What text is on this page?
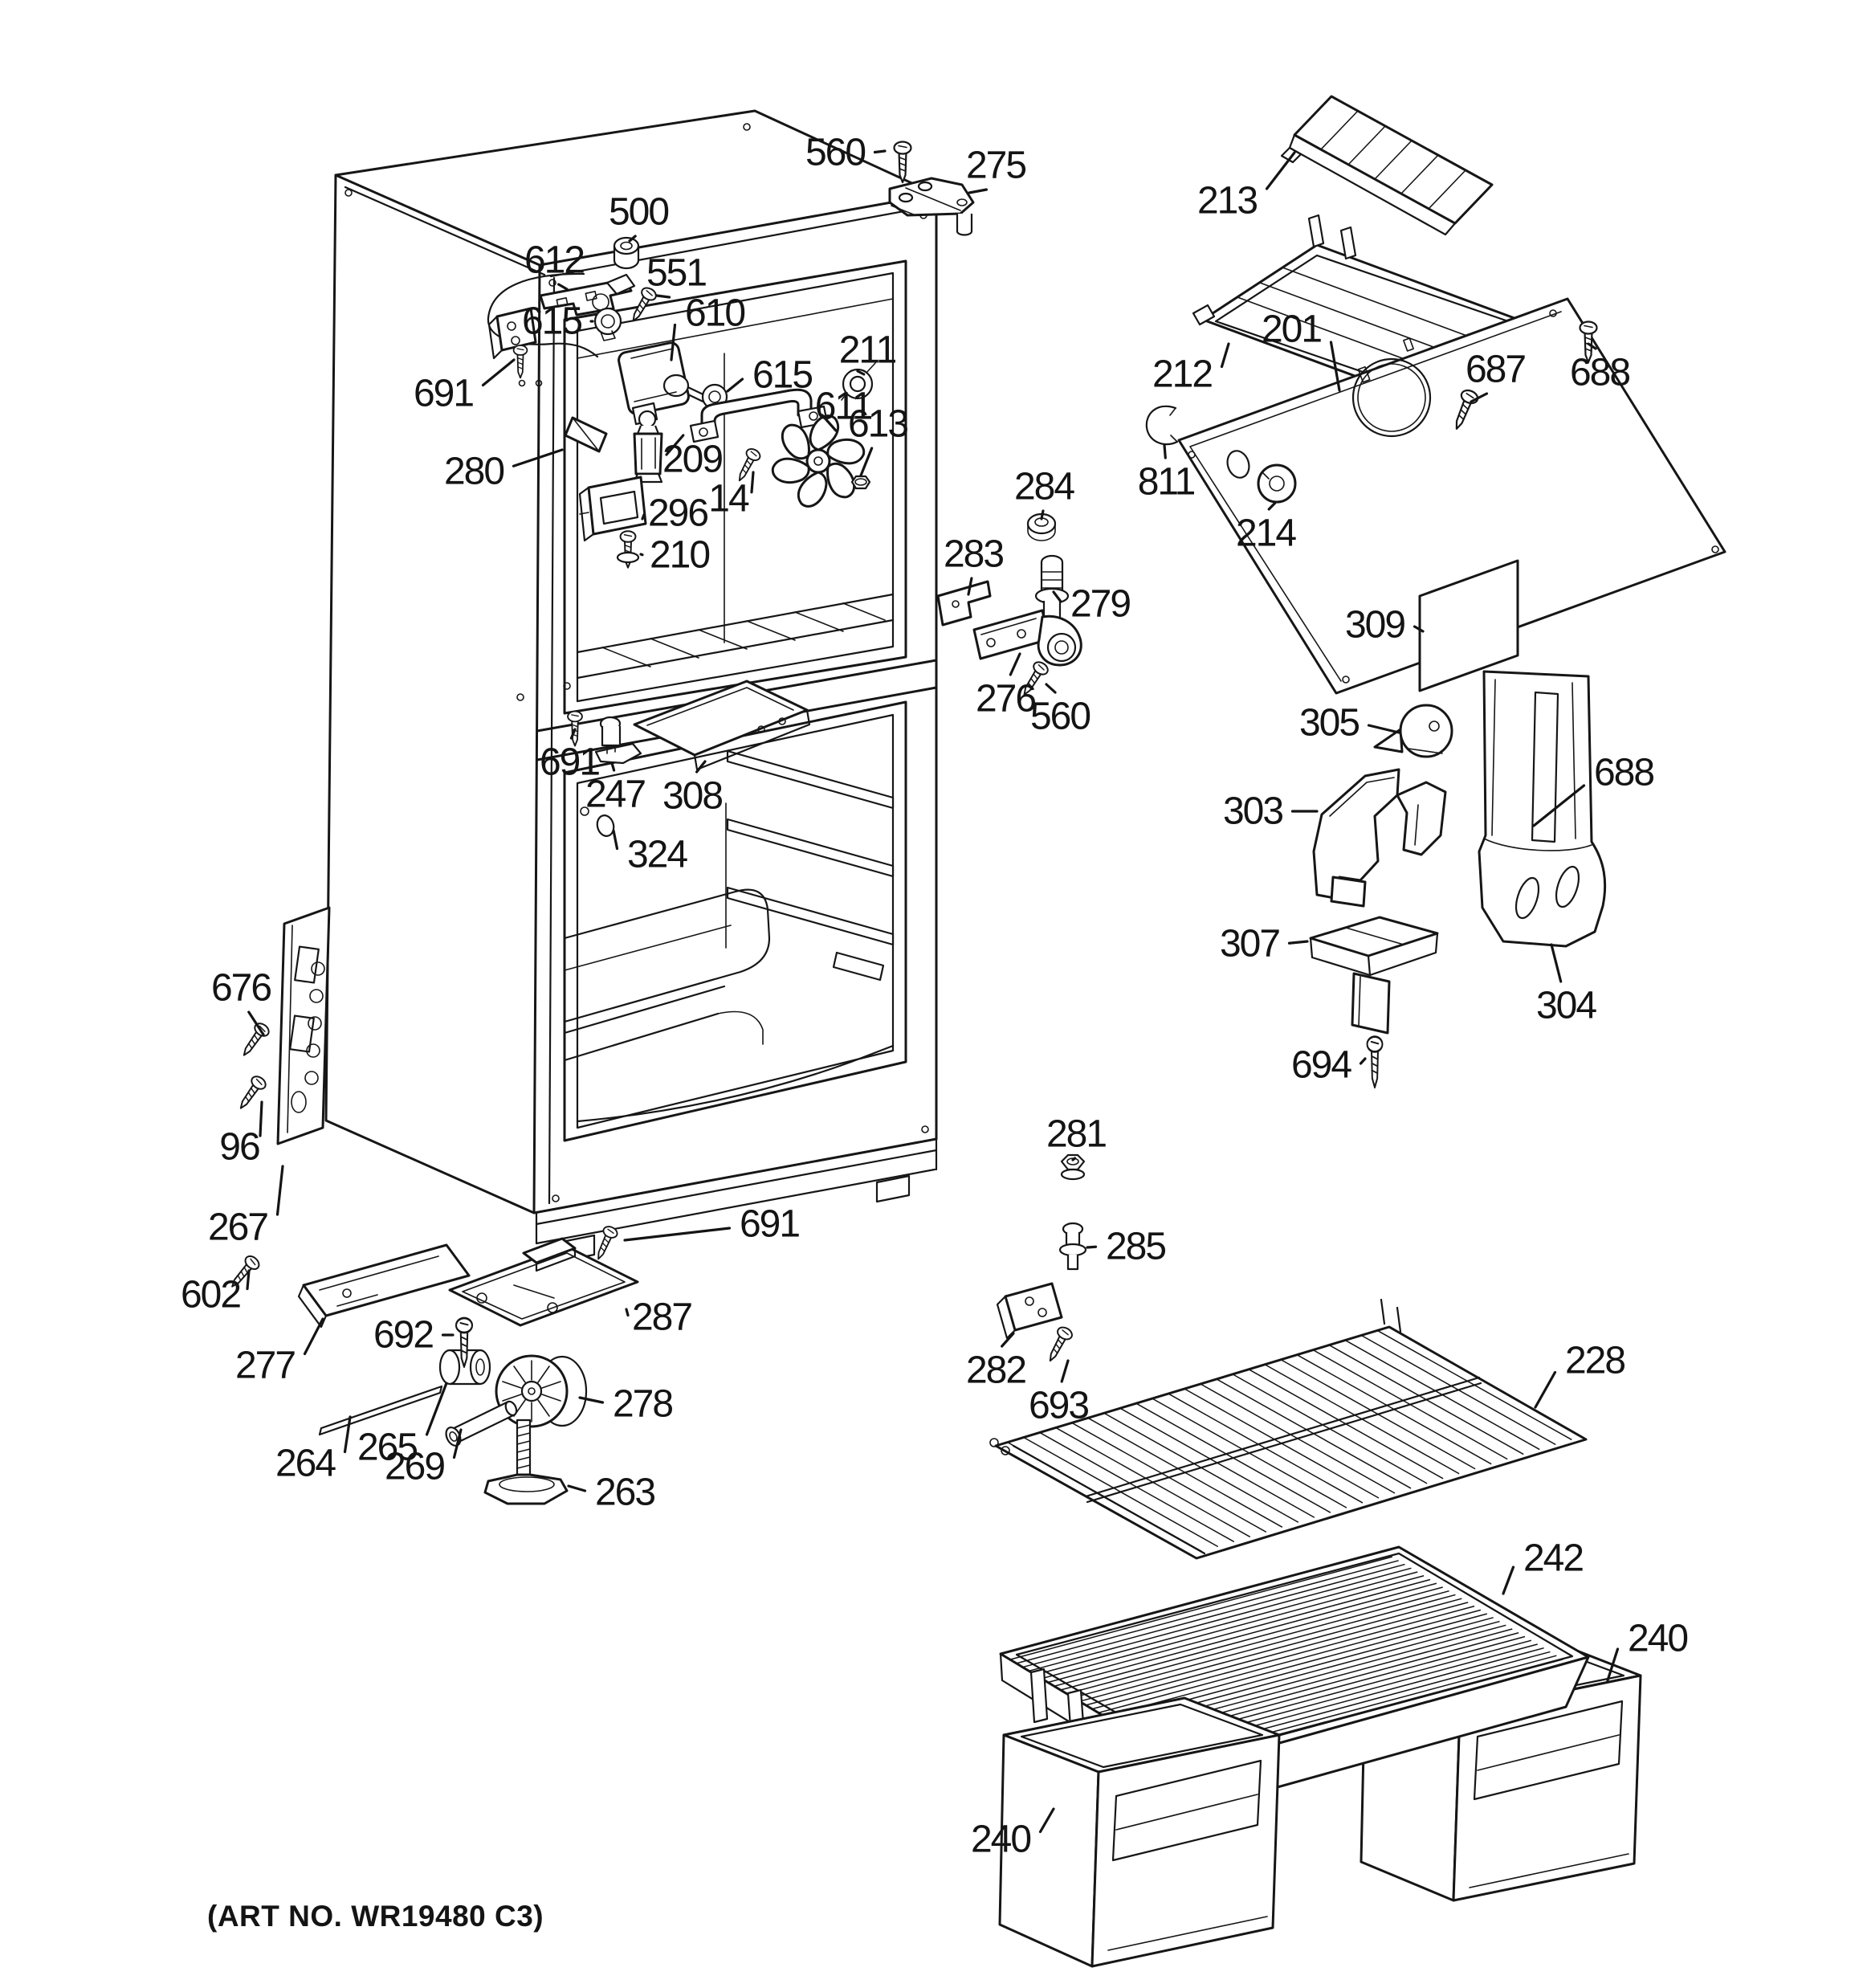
560	275
500
612 551
610
615
691
211
615
611
613
280	209
14
296
210
213
212
201
811
687 688
214
309
284
283
279
276
560	305
688
303
307
694
304
676
96
267
602
277
264 265
691
247 308
324
691
287
692
278
269
263
281
285
282
693
228
242
240
240
(ART NO. WR19480 C3)
